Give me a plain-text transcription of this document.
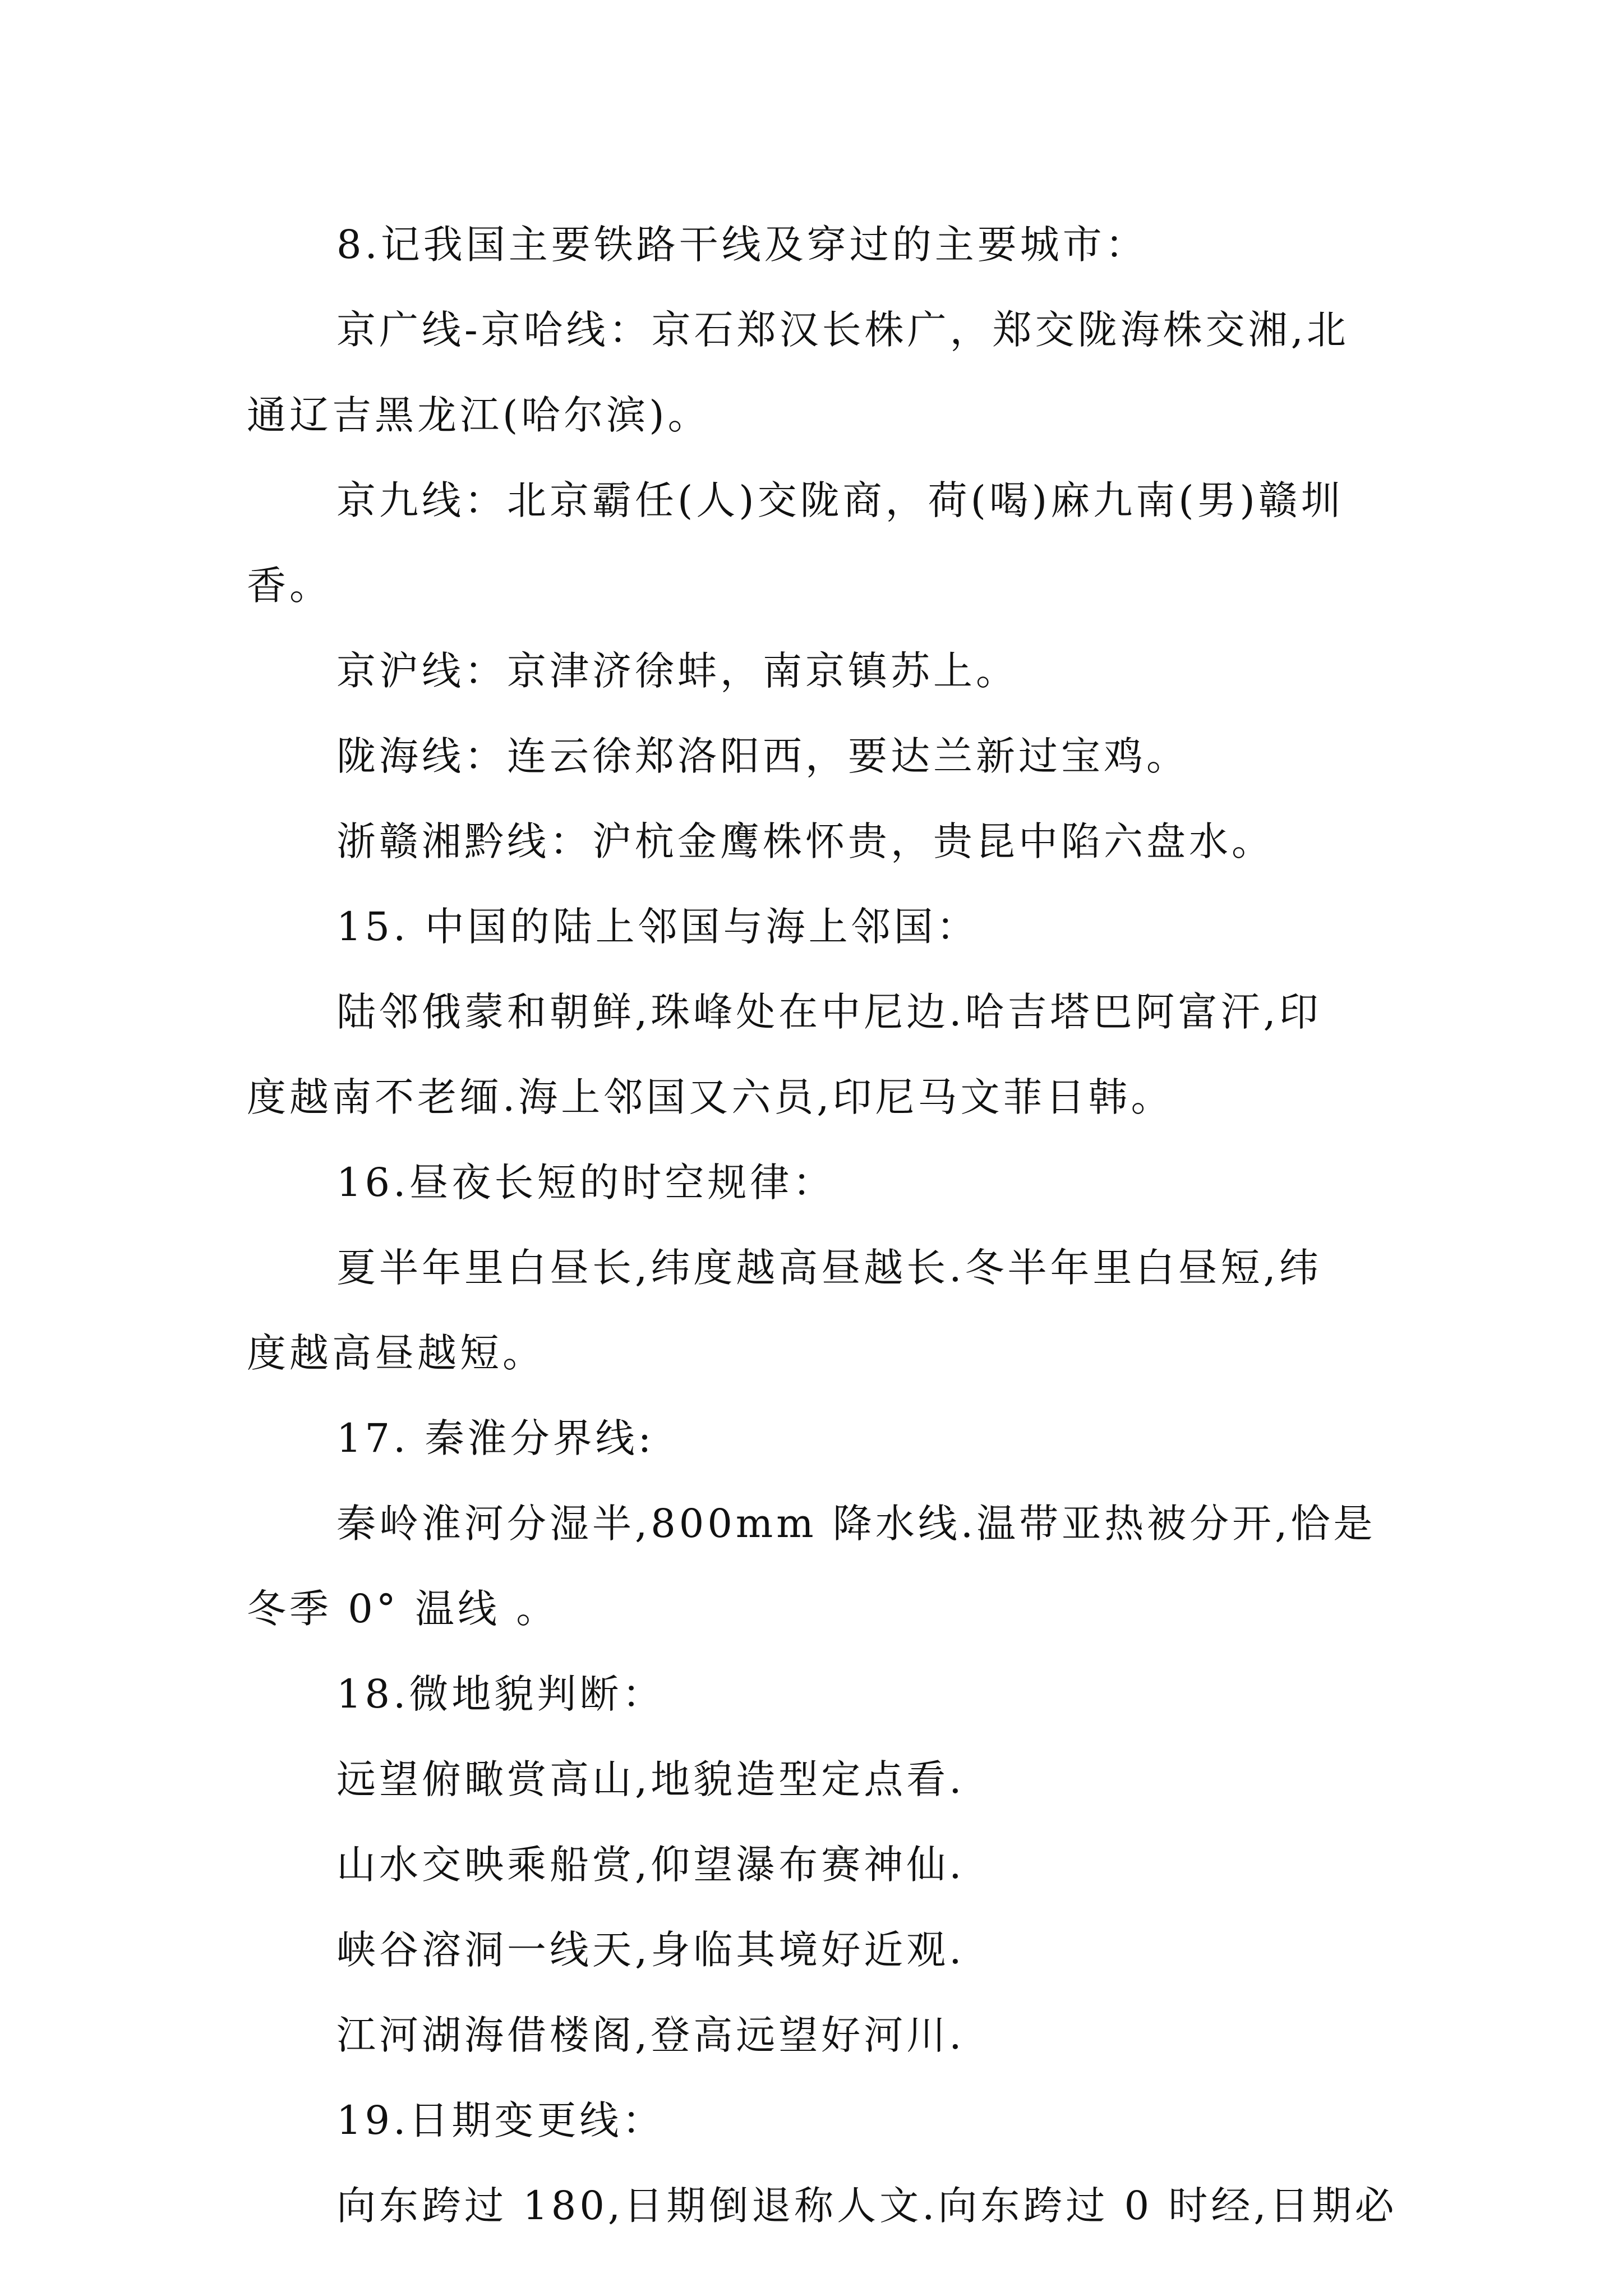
8.记我国主要铁路干线及穿过的主要城市：
京广线-京哈线：京石郑汉长株广，郑交陇海株交湘,北
通辽吉黑龙江(哈尔滨)。
京九线：北京霸任(人)交陇商，荷(喝)麻九南(男)赣圳
香。
京沪线：京津济徐蚌，南京镇苏上。
陇海线：连云徐郑洛阳西，要达兰新过宝鸡。
浙赣湘黔线：沪杭金鹰株怀贵，贵昆中陷六盘水。
15. 中国的陆上邻国与海上邻国：
陆邻俄蒙和朝鲜,珠峰处在中尼边.哈吉塔巴阿富汗,印
度越南不老缅.海上邻国又六员,印尼马文菲日韩。
16.昼夜长短的时空规律：
夏半年里白昼长,纬度越高昼越长.冬半年里白昼短,纬
度越高昼越短。
17. 秦淮分界线:
秦岭淮河分湿半,800mm 降水线.温带亚热被分开,恰是
冬季 0° 温线 。
18.微地貌判断：
远望俯瞰赏高山,地貌造型定点看.
山水交映乘船赏,仰望瀑布赛神仙.
峡谷溶洞一线天,身临其境好近观.
江河湖海借楼阁,登高远望好河川.
19.日期变更线：
向东跨过 180,日期倒退称人文.向东跨过 0 时经,日期必
